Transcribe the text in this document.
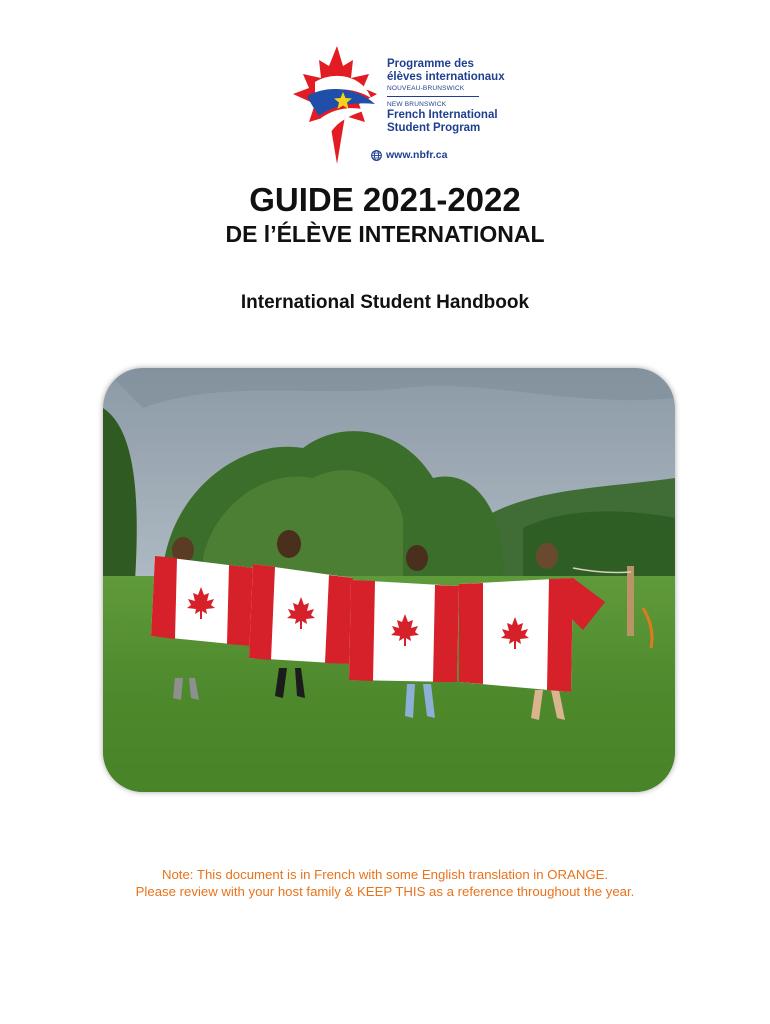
Programme des
élèves internationaux
NOUVEAU-BRUNSWICK
NEW BRUNSWICK
French International
Student Program
www.nbfr.ca
GUIDE 2021-2022
DE l’ÉLÈVE INTERNATIONAL
International Student Handbook
Note: This document is in French with some English translation in ORANGE.
Please review with your host family & KEEP THIS as a reference throughout the year.
